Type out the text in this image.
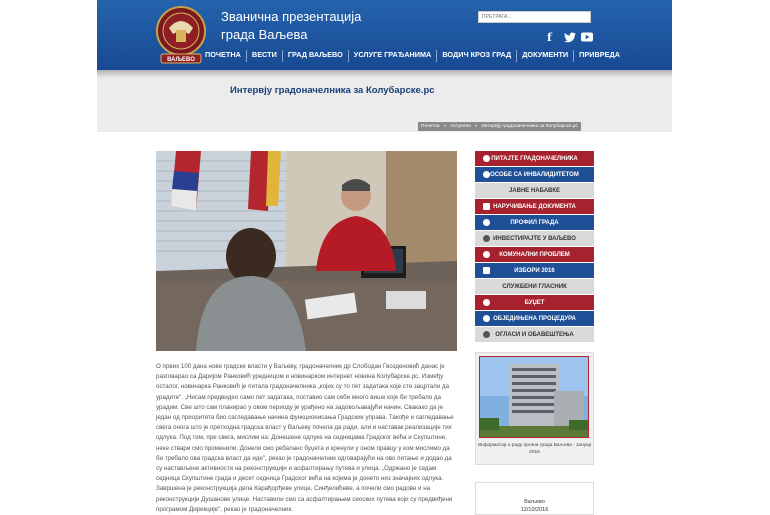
ВАЉЕВО
Званична презентација
града Ваљева
ПРЕТРАГА...	f
ПОЧЕТНА	ВЕСТИ	ГРАД ВАЉЕВО	УСЛУГЕ ГРАЂАНИМА	ВОДИЧ КРОЗ ГРАД	ДОКУМЕНТИ	ПРИВРЕДА
Интервју градоначелника за Колубарске.рс
Почетна » Актуелно » Интервју градоначелника за Колубарске.рс

О првих 100 дана нове градске власти у Ваљеву, градоначелник др Слободан Гвозденовић данас је разговарао са Даријом Ранковић уредницом и новинарком интернет новина Колубарске.рс. Између осталог, новинарка Ранковић је питала градоначелника „којих су то пет задатака које сте зацртали да урадите". „Нисам предвидео само пет задатака, поставио сам себи много више које би требало да урадим. Све што сам планирао у овом периоду је урађено на задовољавајући начин. Свакако да је један од приоритета био сагледавање начина функционисања Градских управа. Такође и сагледавање свега онога што је претходна градска власт у Ваљеву почела да ради, али и наставак реализације тих одлука. Под тим, пре свега, мислим на: Донешене одлуке на седницама Градског већа и Скупштине, неке ствари смо променили. Донели смо ребаланс буџета и кренули у оном правцу у ком мислимо да би требало ова градска власт да иде", рекао је градоначелник одговарајући на ово питање и додао да су настављене активности на реконструкцији и асфалтирању путева и улица. „Одржано је седам седница Скупштине града и десет седница Градског већа на којима је донето низ значајних одлука. Завршена је реконструкција дела Карађорђеве улице, Синђелићеве, а почели смо радове и на реконструкцији Душанове улице. Наставили смо са асфалтирањем сеоских путева који су предвиђени програмом Дирекције", рекао је градоначелник.

ПИТАЈТЕ ГРАДОНАЧЕЛНИКА
ОСОБЕ СА ИНВАЛИДИТЕТОМ
ЈАВНЕ НАБАВКЕ
НАРУЧИВАЊЕ ДОКУМЕНТА
ПРОФИЛ ГРАДА
ИНВЕСТИРАЈТЕ У ВАЉЕВО
КОМУНАЛНИ ПРОБЛЕМ
ИЗБОРИ 2016
СЛУЖБЕНИ ГЛАСНИК
БУЏЕТ
ОБЈЕДИЊЕНА ПРОЦЕДУРА
ОГЛАСИ И ОБАВЕШТЕЊА
Информатор о раду органа града Ваљева - Јануар 2016
Ваљево
12/10/2016
